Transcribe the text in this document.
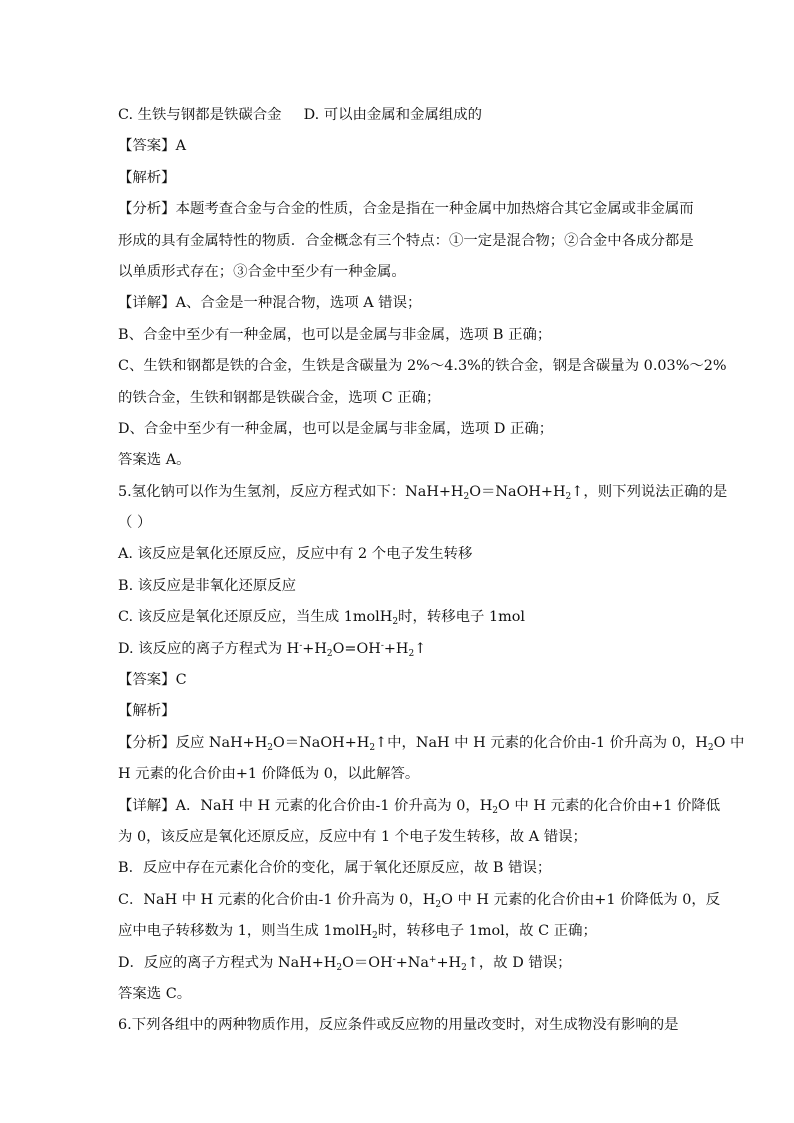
C. 生铁与钢都是铁碳合金 D. 可以由金属和金属组成的
【答案】A
【解析】
【分析】本题考查合金与合金的性质，合金是指在一种金属中加热熔合其它金属或非金属而
形成的具有金属特性的物质．合金概念有三个特点：①一定是混合物；②合金中各成分都是
以单质形式存在；③合金中至少有一种金属。
【详解】A、合金是一种混合物，选项 A 错误；
B、合金中至少有一种金属，也可以是金属与非金属，选项 B 正确；
C、生铁和钢都是铁的合金，生铁是含碳量为 2%～4.3%的铁合金，钢是含碳量为 0.03%～2%
的铁合金，生铁和钢都是铁碳合金，选项 C 正确；
D、合金中至少有一种金属，也可以是金属与非金属，选项 D 正确；
答案选 A。
5.氢化钠可以作为生氢剂，反应方程式如下：$NaH+H_2O=NaOH+H_2↑$，则下列说法正确的是
（ ）
A. 该反应是氧化还原反应，反应中有 2 个电子发生转移
B. 该反应是非氧化还原反应
C. 该反应是氧化还原反应，当生成 1molH$_2$时，转移电子 1mol
D. 该反应的离子方程式为 $H^-+H_2O=OH^-+H_2↑$
【答案】C
【解析】
【分析】反应 $NaH+H_2O=NaOH+H_2↑$中，NaH 中 H 元素的化合价由-1 价升高为 0，$H_2O$ 中
H 元素的化合价由+1 价降低为 0，以此解答。
【详解】A．NaH 中 H 元素的化合价由-1 价升高为 0，$H_2O$ 中 H 元素的化合价由+1 价降低
为 0，该反应是氧化还原反应，反应中有 1 个电子发生转移，故 A 错误；
B．反应中存在元素化合价的变化，属于氧化还原反应，故 B 错误；
C．NaH 中 H 元素的化合价由-1 价升高为 0，$H_2O$ 中 H 元素的化合价由+1 价降低为 0，反
应中电子转移数为 1，则当生成 1molH$_2$时，转移电子 1mol，故 C 正确；
D．反应的离子方程式为 $NaH+H_2O=OH^-+Na^++H_2↑$，故 D 错误；
答案选 C。
6.下列各组中的两种物质作用，反应条件或反应物的用量改变时，对生成物没有影响的是
